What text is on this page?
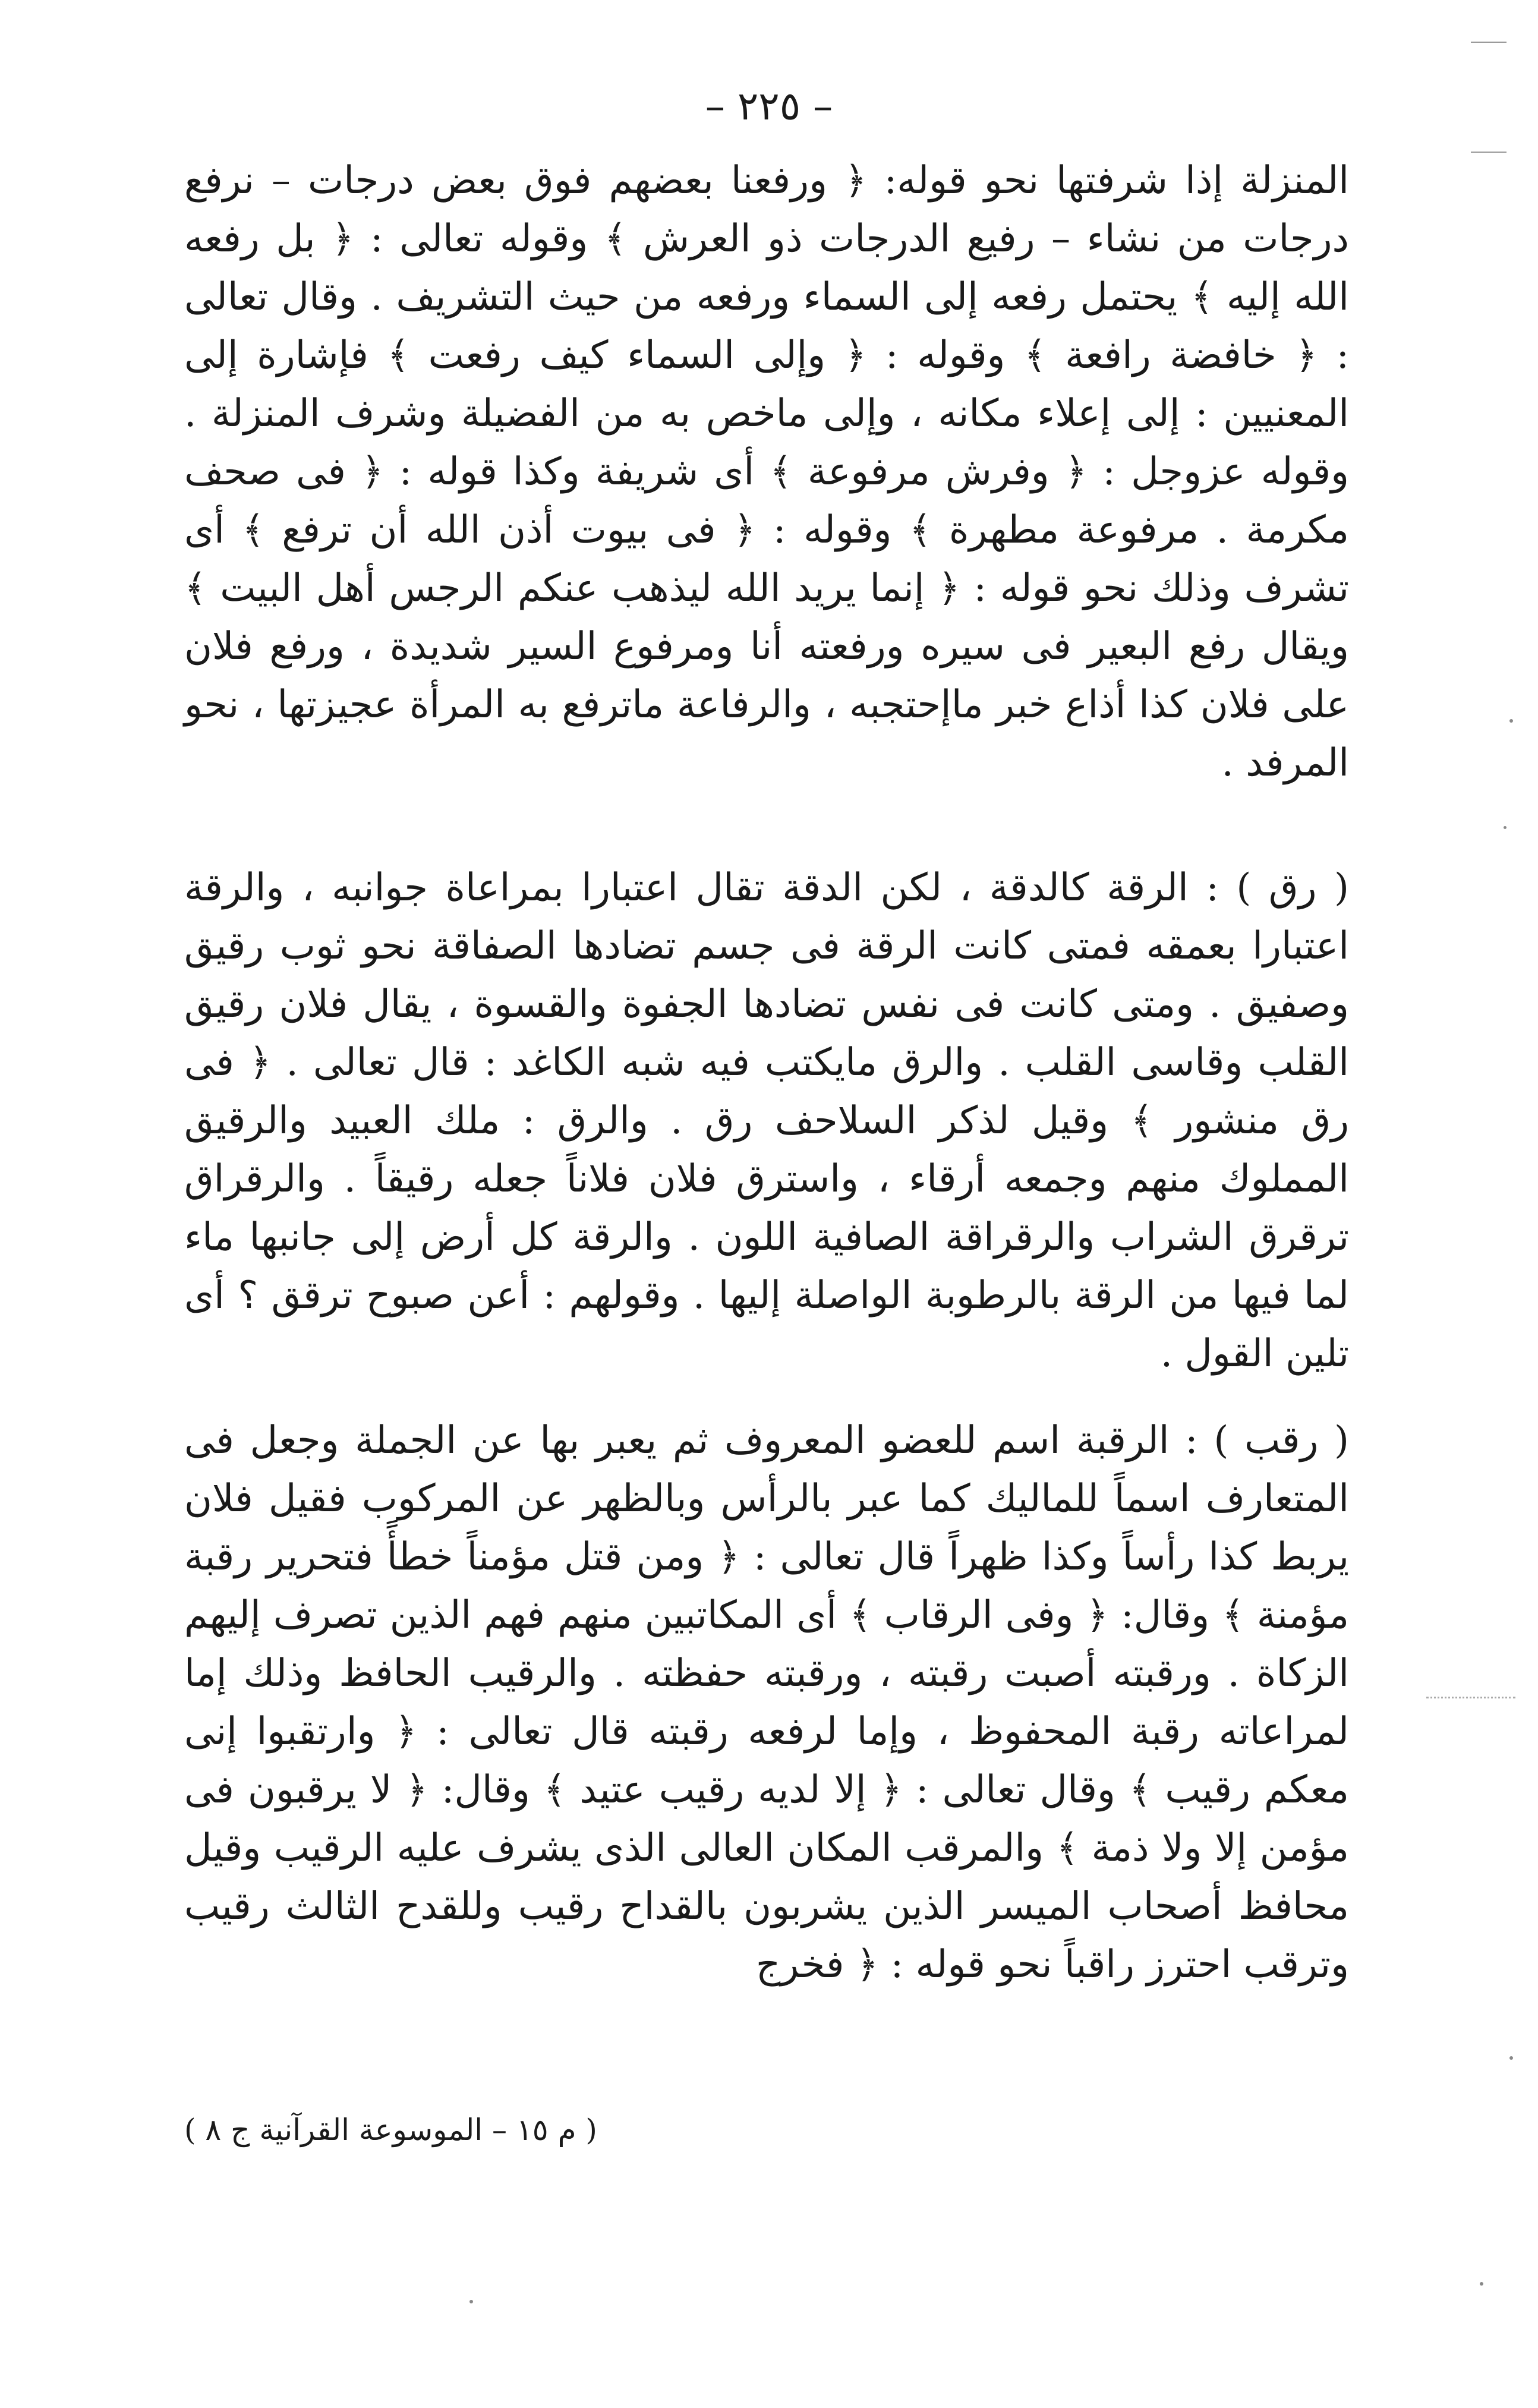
– ٢٢٥ –

المنزلة إذا شرفتها نحو قوله: ﴿ ورفعنا بعضهم فوق بعض درجات – نرفع درجات من نشاء – رفيع الدرجات ذو العرش ﴾ وقوله تعالى : ﴿ بل رفعه الله إليه ﴾ يحتمل رفعه إلى السماء ورفعه من حيث التشريف . وقال تعالى : ﴿ خافضة رافعة ﴾ وقوله : ﴿ وإلى السماء كيف رفعت ﴾ فإشارة إلى المعنيين : إلى إعلاء مكانه ، وإلى ماخص به من الفضيلة وشرف المنزلة . وقوله عزوجل : ﴿ وفرش مرفوعة ﴾ أى شريفة وكذا قوله : ﴿ فى صحف مكرمة . مرفوعة مطهرة ﴾ وقوله : ﴿ فى بيوت أذن الله أن ترفع ﴾ أى تشرف وذلك نحو قوله : ﴿ إنما يريد الله ليذهب عنكم الرجس أهل البيت ﴾ ويقال رفع البعير فى سيره ورفعته أنا ومرفوع السير شديدة ، ورفع فلان على فلان كذا أذاع خبر ماإحتجبه ، والرفاعة ماترفع به المرأة عجيزتها ، نحو المرفد .

( رق ) : الرقة كالدقة ، لكن الدقة تقال اعتبارا بمراعاة جوانبه ، والرقة اعتبارا بعمقه فمتى كانت الرقة فى جسم تضادها الصفاقة نحو ثوب رقيق وصفيق . ومتى كانت فى نفس تضادها الجفوة والقسوة ، يقال فلان رقيق القلب وقاسى القلب . والرق مايكتب فيه شبه الكاغد : قال تعالى . ﴿ فى رق منشور ﴾ وقيل لذكر السلاحف رق . والرق : ملك العبيد والرقيق المملوك منهم وجمعه أرقاء ، واسترق فلان فلاناً جعله رقيقاً . والرقراق ترقرق الشراب والرقراقة الصافية اللون . والرقة كل أرض إلى جانبها ماء لما فيها من الرقة بالرطوبة الواصلة إليها . وقولهم : أعن صبوح ترقق ؟ أى تلين القول .

( رقب ) : الرقبة اسم للعضو المعروف ثم يعبر بها عن الجملة وجعل فى المتعارف اسماً للماليك كما عبر بالرأس وبالظهر عن المركوب فقيل فلان يربط كذا رأساً وكذا ظهراً قال تعالى : ﴿ ومن قتل مؤمناً خطأً فتحرير رقبة مؤمنة ﴾ وقال: ﴿ وفى الرقاب ﴾ أى المكاتبين منهم فهم الذين تصرف إليهم الزكاة . ورقبته أصبت رقبته ، ورقبته حفظته . والرقيب الحافظ وذلك إما لمراعاته رقبة المحفوظ ، وإما لرفعه رقبته قال تعالى : ﴿ وارتقبوا إنى معكم رقيب ﴾ وقال تعالى : ﴿ إلا لديه رقيب عتيد ﴾ وقال: ﴿ لا يرقبون فى مؤمن إلا ولا ذمة ﴾ والمرقب المكان العالى الذى يشرف عليه الرقيب وقيل محافظ أصحاب الميسر الذين يشربون بالقداح رقيب وللقدح الثالث رقيب وترقب احترز راقباً نحو قوله : ﴿ فخرج

( م ١٥ – الموسوعة القرآنية ج ٨ )
